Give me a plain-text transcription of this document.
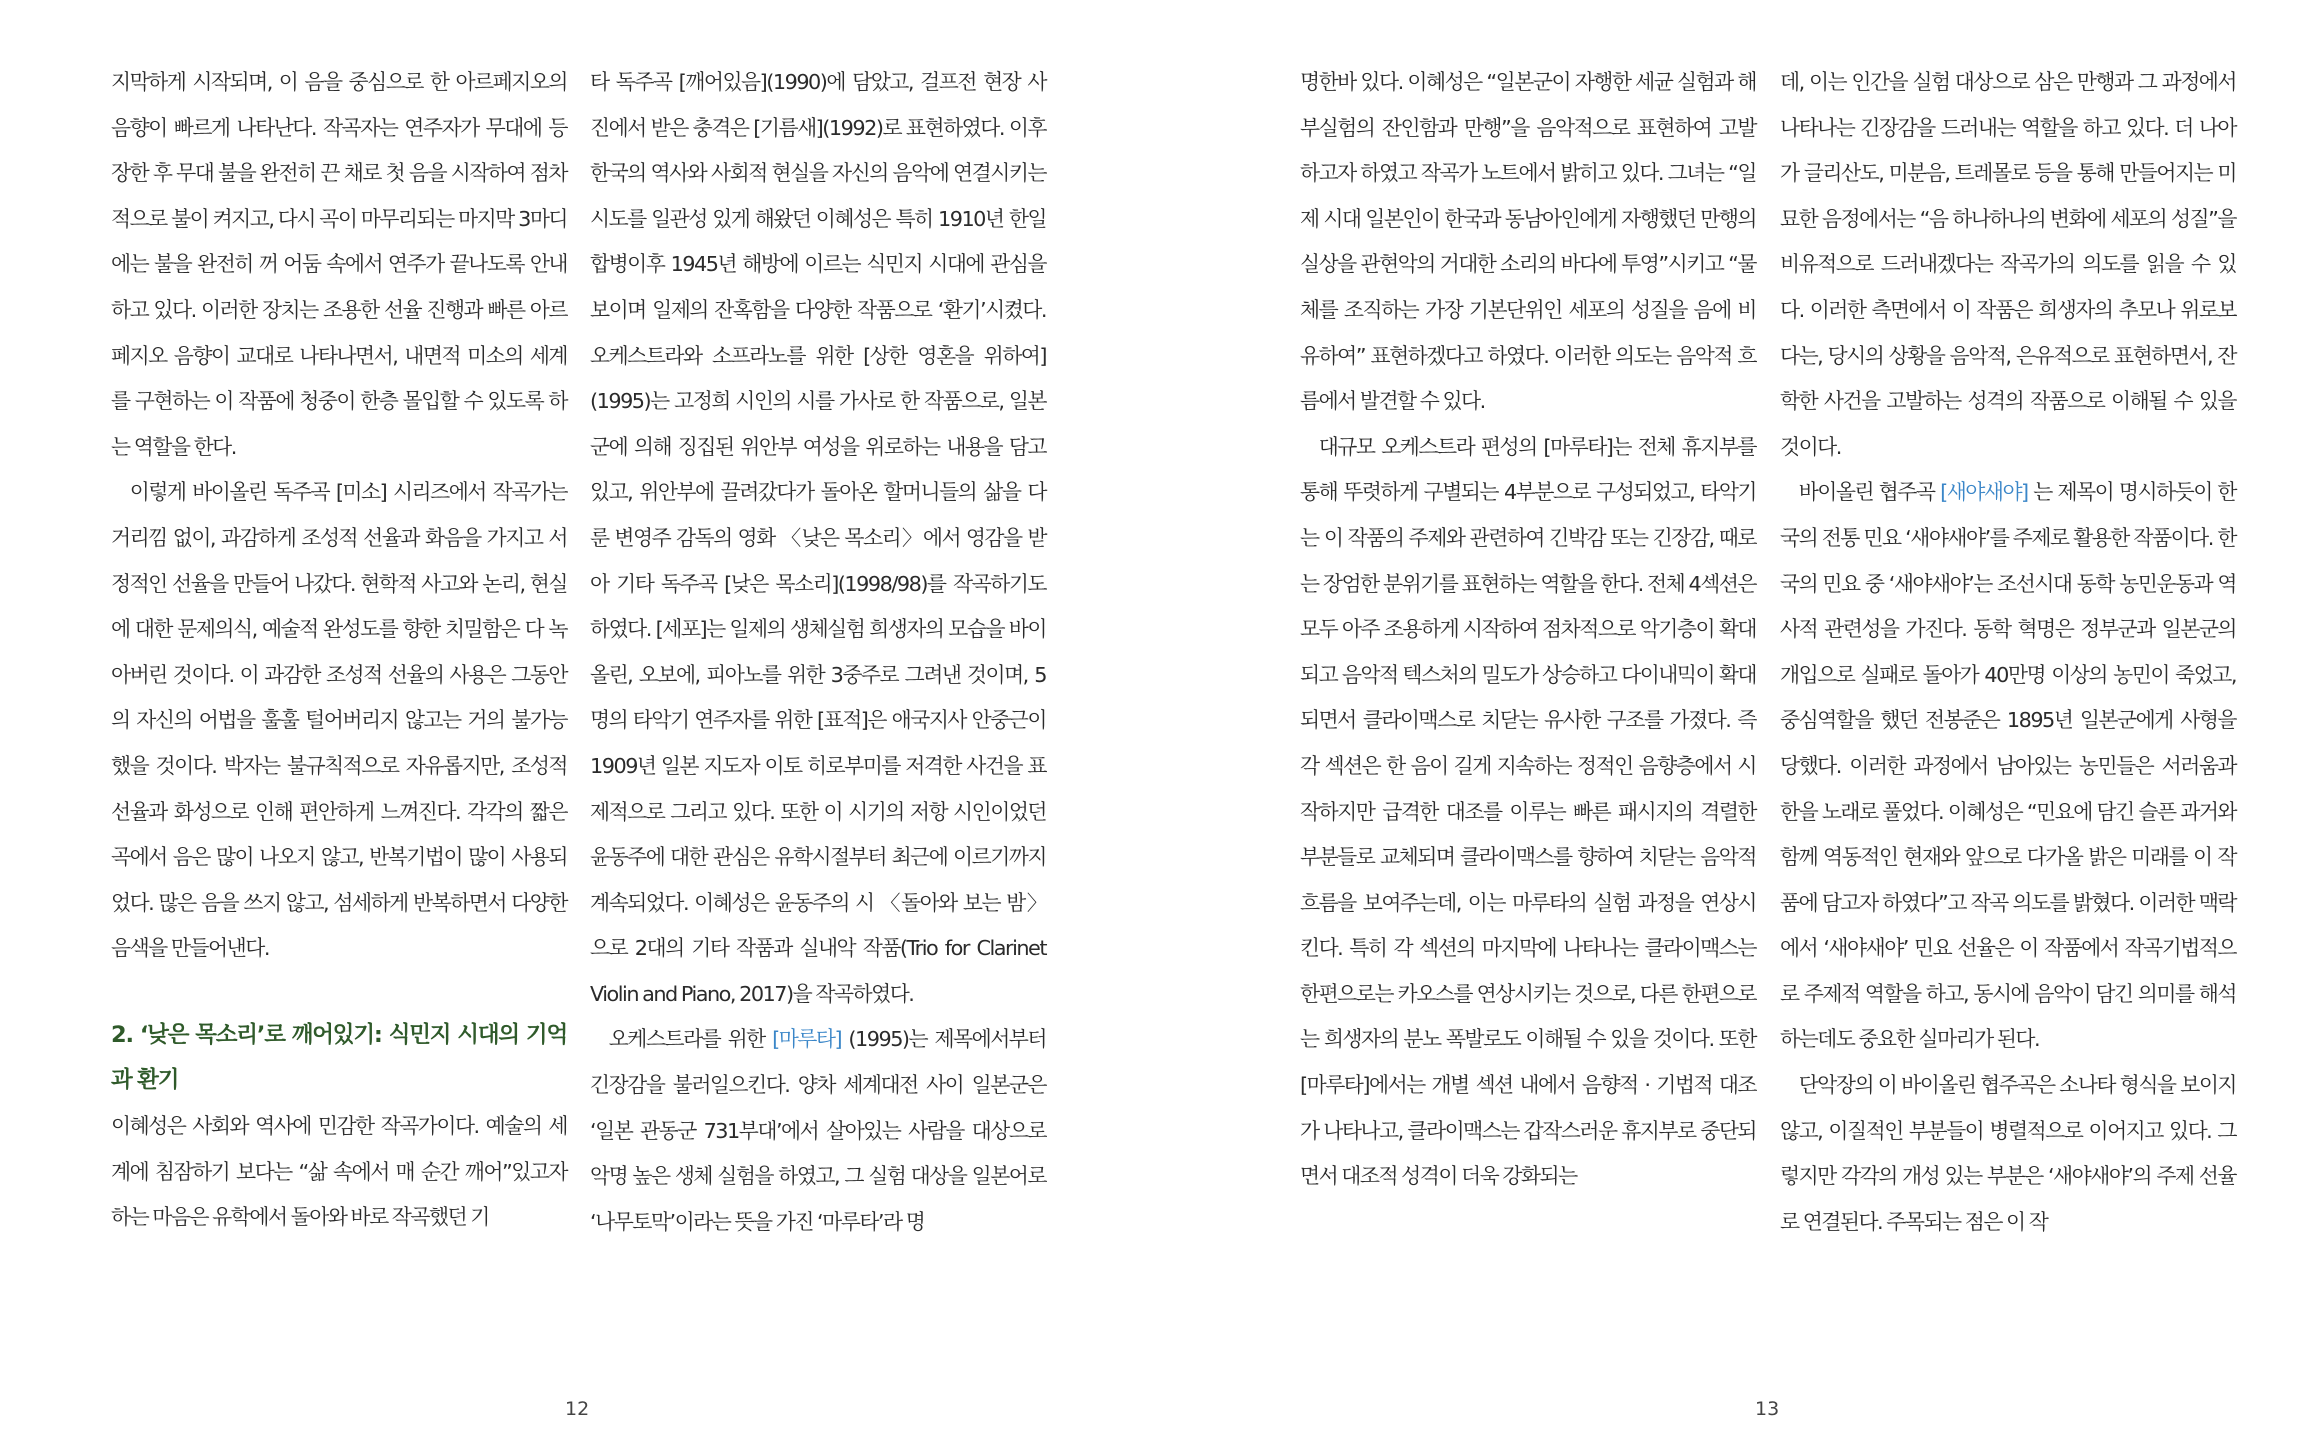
지막하게 시작되며, 이 음을 중심으로 한 아르페지오의 음향이 빠르게 나타난다. 작곡자는 연주자가 무대에 등장한 후 무대 불을 완전히 끈 채로 첫 음을 시작하여 점차적으로 불이 켜지고, 다시 곡이 마무리되는 마지막 3마디에는 불을 완전히 꺼 어둠 속에서 연주가 끝나도록 안내하고 있다. 이러한 장치는 조용한 선율 진행과 빠른 아르페지오 음향이 교대로 나타나면서, 내면적 미소의 세계를 구현하는 이 작품에 청중이 한층 몰입할 수 있도록 하는 역할을 한다.

이렇게 바이올린 독주곡 [미소] 시리즈에서 작곡가는 거리낌 없이, 과감하게 조성적 선율과 화음을 가지고 서정적인 선율을 만들어 나갔다. 현학적 사고와 논리, 현실에 대한 문제의식, 예술적 완성도를 향한 치밀함은 다 녹아버린 것이다. 이 과감한 조성적 선율의 사용은 그동안의 자신의 어법을 훌훌 털어버리지 않고는 거의 불가능했을 것이다. 박자는 불규칙적으로 자유롭지만, 조성적 선율과 화성으로 인해 편안하게 느껴진다. 각각의 짧은 곡에서 음은 많이 나오지 않고, 반복기법이 많이 사용되었다. 많은 음을 쓰지 않고, 섬세하게 반복하면서 다양한 음색을 만들어낸다.

2. ‘낮은 목소리’로 깨어있기: 식민지 시대의 기억과 환기

이혜성은 사회와 역사에 민감한 작곡가이다. 예술의 세계에 침잠하기 보다는 “삶 속에서 매 순간 깨어”있고자 하는 마음은 유학에서 돌아와 바로 작곡했던 기

타 독주곡 [깨어있음](1990)에 담았고, 걸프전 현장 사진에서 받은 충격은 [기름새](1992)로 표현하였다. 이후 한국의 역사와 사회적 현실을 자신의 음악에 연결시키는 시도를 일관성 있게 해왔던 이혜성은 특히 1910년 한일 합병이후 1945년 해방에 이르는 식민지 시대에 관심을 보이며 일제의 잔혹함을 다양한 작품으로 ‘환기’시켰다. 오케스트라와 소프라노를 위한 [상한 영혼을 위하여](1995)는 고정희 시인의 시를 가사로 한 작품으로, 일본군에 의해 징집된 위안부 여성을 위로하는 내용을 담고 있고, 위안부에 끌려갔다가 돌아온 할머니들의 삶을 다룬 변영주 감독의 영화 〈낮은 목소리〉에서 영감을 받아 기타 독주곡 [낮은 목소리](1998/98)를 작곡하기도 하였다. [세포]는 일제의 생체실험 희생자의 모습을 바이올린, 오보에, 피아노를 위한 3중주로 그려낸 것이며, 5명의 타악기 연주자를 위한 [표적]은 애국지사 안중근이 1909년 일본 지도자 이토 히로부미를 저격한 사건을 표제적으로 그리고 있다. 또한 이 시기의 저항 시인이었던 윤동주에 대한 관심은 유학시절부터 최근에 이르기까지 계속되었다. 이혜성은 윤동주의 시 〈돌아와 보는 밤〉으로 2대의 기타 작품과 실내악 작품(Trio for Clarinet Violin and Piano, 2017)을 작곡하였다.

오케스트라를 위한 [마루타] (1995)는 제목에서부터 긴장감을 불러일으킨다. 양차 세계대전 사이 일본군은 ‘일본 관동군 731부대’에서 살아있는 사람을 대상으로 악명 높은 생체 실험을 하였고, 그 실험 대상을 일본어로 ‘나무토막’이라는 뜻을 가진 ‘마루타’라 명

12

명한바 있다. 이혜성은 “일본군이 자행한 세균 실험과 해부실험의 잔인함과 만행”을 음악적으로 표현하여 고발하고자 하였고 작곡가 노트에서 밝히고 있다. 그녀는 “일제 시대 일본인이 한국과 동남아인에게 자행했던 만행의 실상을 관현악의 거대한 소리의 바다에 투영”시키고 “물체를 조직하는 가장 기본단위인 세포의 성질을 음에 비유하여” 표현하겠다고 하였다. 이러한 의도는 음악적 흐름에서 발견할 수 있다.

대규모 오케스트라 편성의 [마루타]는 전체 휴지부를 통해 뚜렷하게 구별되는 4부분으로 구성되었고, 타악기는 이 작품의 주제와 관련하여 긴박감 또는 긴장감, 때로는 장엄한 분위기를 표현하는 역할을 한다. 전체 4섹션은 모두 아주 조용하게 시작하여 점차적으로 악기층이 확대되고 음악적 텍스처의 밀도가 상승하고 다이내믹이 확대되면서 클라이맥스로 치닫는 유사한 구조를 가졌다. 즉 각 섹션은 한 음이 길게 지속하는 정적인 음향층에서 시작하지만 급격한 대조를 이루는 빠른 패시지의 격렬한 부분들로 교체되며 클라이맥스를 향하여 치닫는 음악적 흐름을 보여주는데, 이는 마루타의 실험 과정을 연상시킨다. 특히 각 섹션의 마지막에 나타나는 클라이맥스는 한편으로는 카오스를 연상시키는 것으로, 다른 한편으로는 희생자의 분노 폭발로도 이해될 수 있을 것이다. 또한 [마루타]에서는 개별 섹션 내에서 음향적 · 기법적 대조가 나타나고, 클라이맥스는 갑작스러운 휴지부로 중단되면서 대조적 성격이 더욱 강화되는

데, 이는 인간을 실험 대상으로 삼은 만행과 그 과정에서 나타나는 긴장감을 드러내는 역할을 하고 있다. 더 나아가 글리산도, 미분음, 트레몰로 등을 통해 만들어지는 미묘한 음정에서는 “음 하나하나의 변화에 세포의 성질”을 비유적으로 드러내겠다는 작곡가의 의도를 읽을 수 있다. 이러한 측면에서 이 작품은 희생자의 추모나 위로보다는, 당시의 상황을 음악적, 은유적으로 표현하면서, 잔학한 사건을 고발하는 성격의 작품으로 이해될 수 있을 것이다.

바이올린 협주곡 [새야새야] 는 제목이 명시하듯이 한국의 전통 민요 ‘새야새야’를 주제로 활용한 작품이다. 한국의 민요 중 ‘새야새야’는 조선시대 동학 농민운동과 역사적 관련성을 가진다. 동학 혁명은 정부군과 일본군의 개입으로 실패로 돌아가 40만명 이상의 농민이 죽었고, 중심역할을 했던 전봉준은 1895년 일본군에게 사형을 당했다. 이러한 과정에서 남아있는 농민들은 서러움과 한을 노래로 풀었다. 이혜성은 “민요에 담긴 슬픈 과거와 함께 역동적인 현재와 앞으로 다가올 밝은 미래를 이 작품에 담고자 하였다”고 작곡 의도를 밝혔다. 이러한 맥락에서 ‘새야새야’ 민요 선율은 이 작품에서 작곡기법적으로 주제적 역할을 하고, 동시에 음악이 담긴 의미를 해석하는데도 중요한 실마리가 된다.

단악장의 이 바이올린 협주곡은 소나타 형식을 보이지 않고, 이질적인 부분들이 병렬적으로 이어지고 있다. 그렇지만 각각의 개성 있는 부분은 ‘새야새야’의 주제 선율로 연결된다. 주목되는 점은 이 작

13
